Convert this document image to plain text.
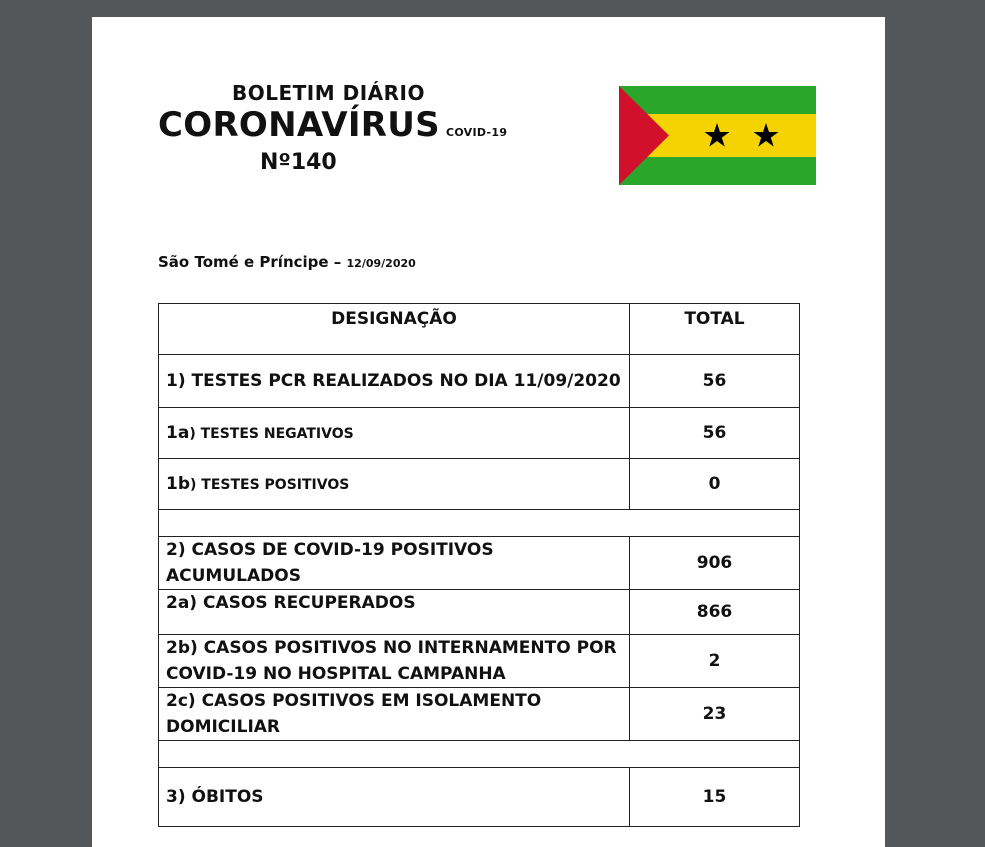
BOLETIM DIÁRIO
CORONAVÍRUS COVID-19
Nº140
São Tomé e Príncipe – 12/09/2020
DESIGNAÇÃO	TOTAL
1) TESTES PCR REALIZADOS NO DIA 11/09/2020	56
1a) TESTES NEGATIVOS	56
1b) TESTES POSITIVOS	0

2) CASOS DE COVID-19 POSITIVOS ACUMULADOS	906
2a) CASOS RECUPERADOS	866
2b) CASOS POSITIVOS NO INTERNAMENTO POR COVID-19 NO HOSPITAL CAMPANHA	2
2c) CASOS POSITIVOS EM ISOLAMENTO DOMICILIAR	23

3) ÓBITOS	15
